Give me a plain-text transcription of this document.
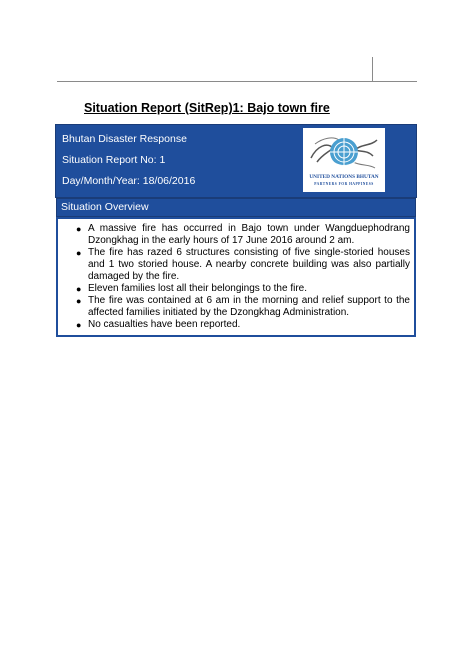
Situation Report (SitRep)1: Bajo town fire
Bhutan Disaster Response
Situation Report No: 1
Day/Month/Year: 18/06/2016	UNITED NATIONS BHUTAN
PARTNERS FOR HAPPINESS
Situation Overview
● A massive fire has occurred in Bajo town under Wangduephodrang Dzongkhag in the early hours of 17 June 2016 around 2 am.
● The fire has razed 6 structures consisting of five single-storied houses and 1 two storied house. A nearby concrete building was also partially damaged by the fire.
● Eleven families lost all their belongings to the fire.
● The fire was contained at 6 am in the morning and relief support to the affected families initiated by the Dzongkhag Administration.
● No casualties have been reported.
